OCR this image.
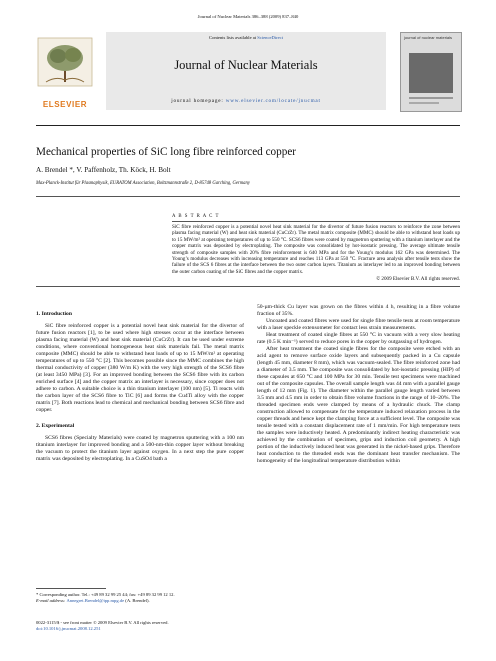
Journal of Nuclear Materials 386–388 (2009) 837–840
ELSEVIER
Contents lists available at ScienceDirect
Journal of Nuclear Materials
journal homepage: www.elsevier.com/locate/jnucmat
journal of nuclear materials
Mechanical properties of SiC long fibre reinforced copper
A. Brendel *, V. Paffenholz, Th. Köck, H. Bolt
Max-Planck-Institut für Plasmaphysik, EURATOM Association, Boltzmannstraße 2, D-85748 Garching, Germany
A B S T R A C T
SiC fibre reinforced copper is a potential novel heat sink material for the divertor of future fusion reactors to reinforce the zone between plasma facing material (W) and heat sink material (CuCrZr). The metal matrix composite (MMC) should be able to withstand heat loads up to 15 MW/m² at operating temperatures of up to 550 °C. SCS6 fibres were coated by magnetron sputtering with a titanium interlayer and the copper matrix was deposited by electroplating. The composite was consolidated by hot-isostatic pressing. The average ultimate tensile strength of composite samples with 20% fibre reinforcement is 640 MPa and for the Young’s modulus 162 GPa was determined. The Young’s modulus decreases with increasing temperature and reaches 113 GPa at 550 °C. Fracture area analysis after tensile tests show the failure of the SCS 6 fibres at the interface between the two outer carbon layers. Titanium as interlayer led to an improved bonding between the outer carbon coating of the SiC fibres and the copper matrix.
© 2009 Elsevier B.V. All rights reserved.
1. Introduction

SiC fibre reinforced copper is a potential novel heat sink material for the divertor of future fusion reactors [1], to be used where high stresses occur at the interface between plasma facing material (W) and heat sink material (CuCrZr). It can be used under extreme conditions, where conventional homogeneous heat sink materials fail. The metal matrix composite (MMC) should be able to withstand heat loads of up to 15 MW/m² at operating temperatures of up to 550 °C [2]. This becomes possible since the MMC combines the high thermal conductivity of copper (380 W/m K) with the very high strength of the SCS6 fibre (at least 3450 MPa) [3]. For an improved bonding between the SCS6 fibre with its carbon enriched surface [4] and the copper matrix an interlayer is necessary, since copper does not adhere to carbon. A suitable choice is a thin titanium interlayer (100 nm) [5]. Ti reacts with the carbon layer of the SCS6 fibre to TiC [6] and forms the Cu4Ti alloy with the copper matrix [7]. Both reactions lead to chemical and mechanical bonding between SCS6 fibre and copper.

2. Experimental

SCS6 fibres (Specialty Materials) were coated by magnetron sputtering with a 100 nm titanium interlayer for improved bonding and a 500-nm-thin copper layer without breaking the vacuum to protect the titanium layer against oxygen. In a next step the pure copper matrix was deposited by electroplating. In a CuSO4 bath a

* Corresponding author. Tel.: +49 89 32 99 25 44; fax: +49 89 32 99 12 12.
E-mail address: Annegret.Brendel@ipp.mpg.de (A. Brendel).
0022-3115/$ - see front matter © 2009 Elsevier B.V. All rights reserved.
doi:10.1016/j.jnucmat.2008.12.251

50-µm-thick Cu layer was grown on the fibres within 4 h, resulting in a fibre volume fraction of 35%.

Uncoated and coated fibres were used for single fibre tensile tests at room temperature with a laser speckle extensometer for contact less strain measurements.

Heat treatment of coated single fibres at 550 °C in vacuum with a very slow heating rate (0.5 K min⁻¹) served to reduce pores in the copper by outgassing of hydrogen.

After heat treatment the coated single fibres for the composite were etched with an acid agent to remove surface oxide layers and subsequently packed in a Cu capsule (length 45 mm, diameter 8 mm), which was vacuum-sealed. The fibre reinforced zone had a diameter of 3.5 mm. The composite was consolidated by hot-isostatic pressing (HIP) of these capsules at 650 °C and 100 MPa for 30 min. Tensile test specimens were machined out of the composite capsules. The overall sample length was 44 mm with a parallel gauge length of 12 mm (Fig. 1). The diameter within the parallel gauge length varied between 3.5 mm and 4.5 mm in order to obtain fibre volume fractions in the range of 10–20%. The threaded specimen ends were clamped by means of a hydraulic chuck. The clamp construction allowed to compensate for the temperature induced relaxation process in the copper threads and hence kept the clamping force at a sufficient level. The composite was tensile tested with a constant displacement rate of 1 mm/min. For high temperature tests the samples were inductively heated. A predominantly indirect heating characteristic was achieved by the combination of specimen, grips and induction coil geometry. A high portion of the inductively induced heat was generated in the nickel-based grips. Therefore heat conduction to the threaded ends was the dominant heat transfer mechanism. The homogeneity of the longitudinal temperature distribution within
